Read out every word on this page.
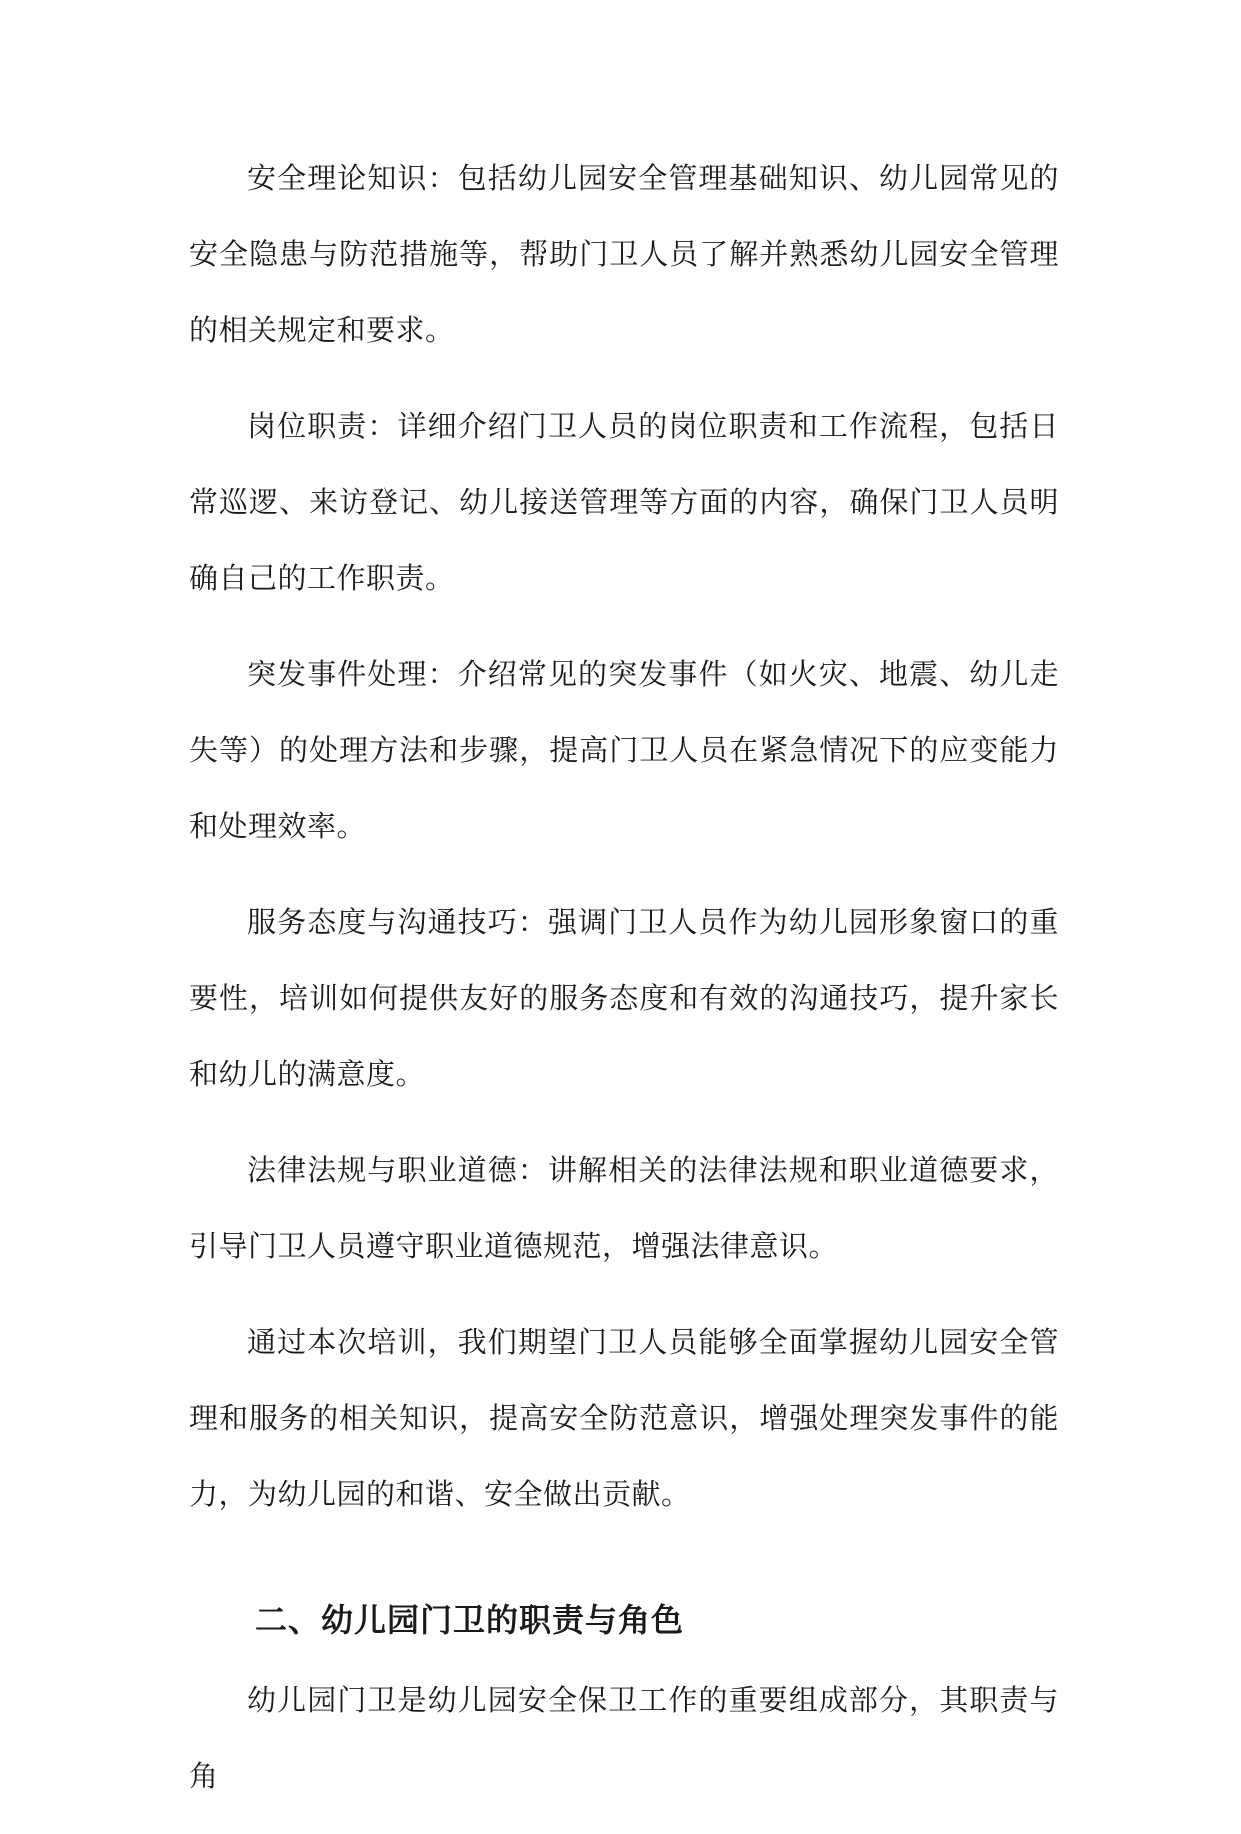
安全理论知识：包括幼儿园安全管理基础知识、幼儿园常见的安全隐患与防范措施等，帮助门卫人员了解并熟悉幼儿园安全管理的相关规定和要求。

岗位职责：详细介绍门卫人员的岗位职责和工作流程，包括日常巡逻、来访登记、幼儿接送管理等方面的内容，确保门卫人员明确自己的工作职责。

突发事件处理：介绍常见的突发事件（如火灾、地震、幼儿走失等）的处理方法和步骤，提高门卫人员在紧急情况下的应变能力和处理效率。

服务态度与沟通技巧：强调门卫人员作为幼儿园形象窗口的重要性，培训如何提供友好的服务态度和有效的沟通技巧，提升家长和幼儿的满意度。

法律法规与职业道德：讲解相关的法律法规和职业道德要求，引导门卫人员遵守职业道德规范，增强法律意识。

通过本次培训，我们期望门卫人员能够全面掌握幼儿园安全管理和服务的相关知识，提高安全防范意识，增强处理突发事件的能力，为幼儿园的和谐、安全做出贡献。

二、幼儿园门卫的职责与角色

幼儿园门卫是幼儿园安全保卫工作的重要组成部分，其职责与角
